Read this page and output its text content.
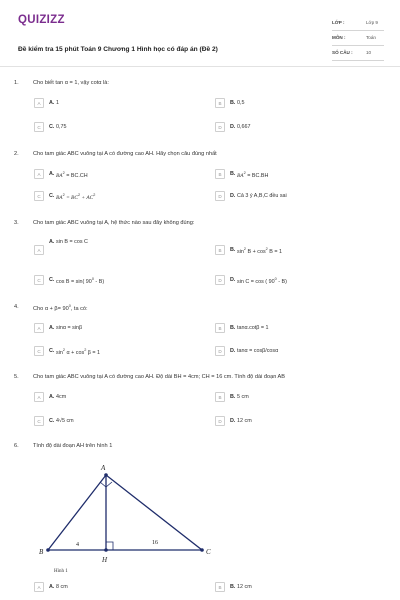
QUIZIZZ
Đề kiểm tra 15 phút Toán 9 Chương 1 Hình học có đáp án (Đề 2)
LỚP :	Lớp 9
MÔN :	Toán
SỐ CÂU :	10
1.	Cho biết tan α = 1, vậy cotα là:
A	A. 1	B	B. 0,5
C	C. 0,75	D	D. 0,667
2.	Cho tam giác ABC vuông tại A có đường cao AH. Hãy chọn câu đúng nhất
A	A. $BA^2 = BC.CH$	B	B. $BA^2 = BC.BH$
C	C. $BA^2 = BC^2 + AC^2$	D	D. Cả 3 ý A,B,C đều sai
3.	Cho tam giác ABC vuông tại A, hệ thức nào sau đây không đúng:
A
A. sin B = cos C
B	B. $\sin^2 B + \cos^2 B = 1$
C	C. cos B = sin( $90^0 - B$)	D	D. sin C = cos ( $90^0 - B$)
4.	Cho $\alpha + \beta= 90^0$, ta có:
A	A. sinα = sinβ	B	B. tanα.cotβ = 1
C	C. $\sin^2 \alpha + \cos^2 \beta = 1$	D	D. tanα = cosβ/cosα
5.	Cho tam giác ABC vuông tại A có đường cao AH. Độ dài BH = 4cm; CH = 16 cm. Tính độ dài đoạn AB
A	A. 4cm	B	B. 5 cm
C	C. 4√5 cm	D	D. 12 cm
6.	Tính độ dài đoạn AH trên hình 1
A
B	C
H
4	16
Hình 1
A	A. 8 cm	B	B. 12 cm
